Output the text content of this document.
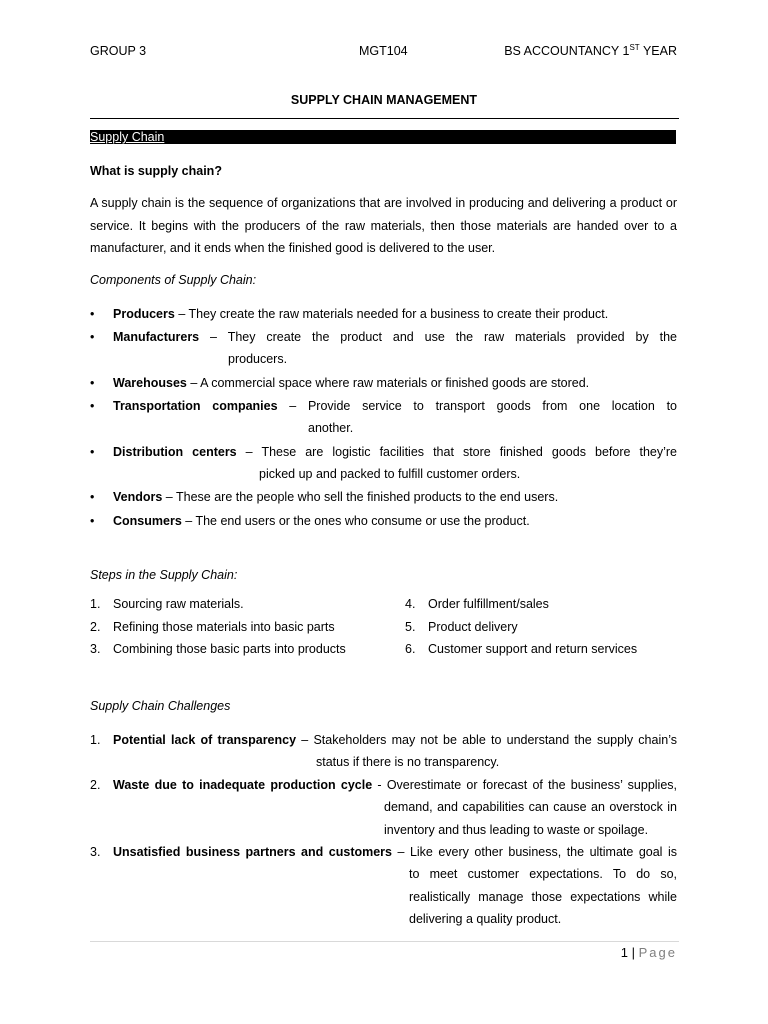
GROUP 3	MGT104	BS ACCOUNTANCY 1ST YEAR
SUPPLY CHAIN MANAGEMENT
Supply Chain
What is supply chain?
A supply chain is the sequence of organizations that are involved in producing and delivering a product or service. It begins with the producers of the raw materials, then those materials are handed over to a manufacturer, and it ends when the finished good is delivered to the user.
Components of Supply Chain:
• Producers – They create the raw materials needed for a business to create their product.
• Manufacturers – They create the product and use the raw materials provided by the
producers.
• Warehouses – A commercial space where raw materials or finished goods are stored.
• Transportation companies – Provide service to transport goods from one location to
another.
• Distribution centers – These are logistic facilities that store finished goods before they’re
picked up and packed to fulfill customer orders.
• Vendors – These are the people who sell the finished products to the end users.
• Consumers – The end users or the ones who consume or use the product.
Steps in the Supply Chain:
1. Sourcing raw materials.
2. Refining those materials into basic parts
3. Combining those basic parts into products
4. Order fulfillment/sales
5. Product delivery
6. Customer support and return services
Supply Chain Challenges
1. Potential lack of transparency – Stakeholders may not be able to understand the supply chain’s
status if there is no transparency.
2. Waste due to inadequate production cycle - Overestimate or forecast of the business’ supplies,
demand, and capabilities can cause an overstock in inventory and thus leading to waste or spoilage.
3. Unsatisfied business partners and customers – Like every other business, the ultimate goal is
to meet customer expectations. To do so, realistically manage those expectations while delivering a quality product.
1 | Page
